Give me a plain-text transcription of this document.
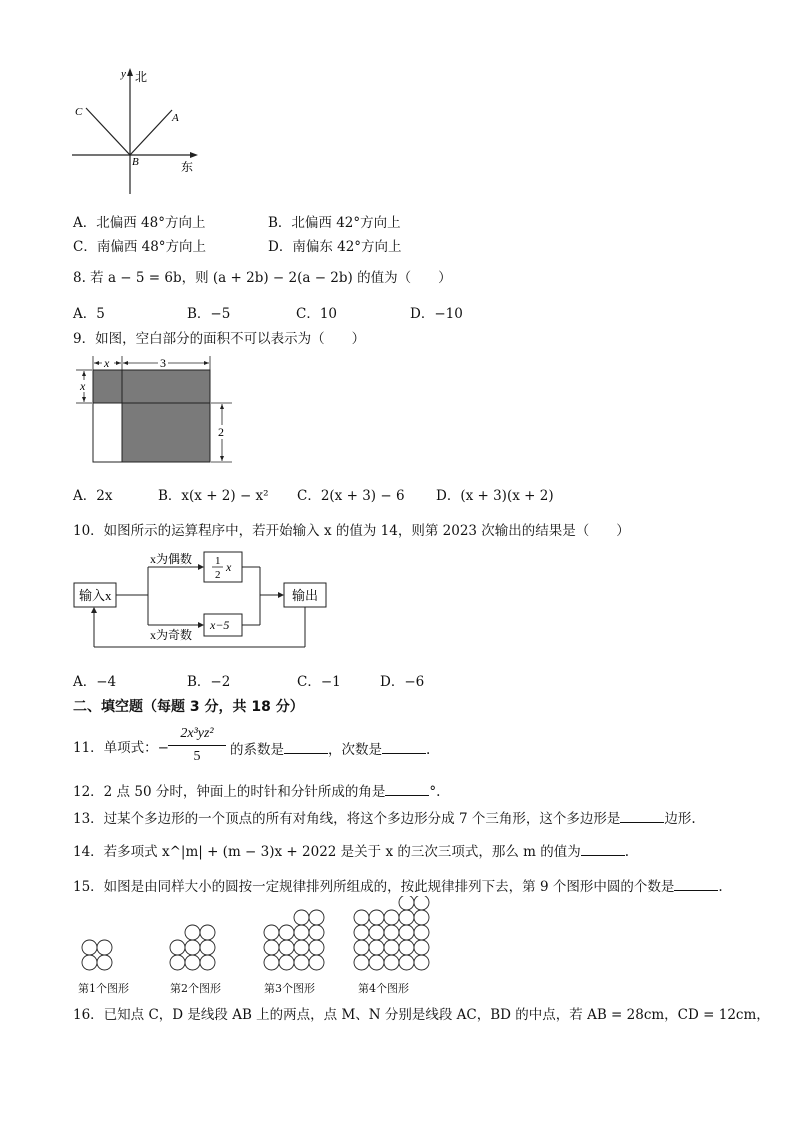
y 北
东
A
B
C
A．北偏西 48°方向上	B．北偏西 42°方向上
C．南偏西 48°方向上	D．南偏东 42°方向上
8. 若 a − 5 = 6b，则 (a + 2b) − 2(a − 2b) 的值为（　　）
A．5	B．−5	C．10	D．−10
9．如图，空白部分的面积不可以表示为（　　）
x	3
x
2
A．2x	B．x(x + 2) − x² C．2(x + 3) − 6 D．(x + 3)(x + 2)
10．如图所示的运算程序中，若开始输入 x 的值为 14，则第 2023 次输出的结果是（　　）
输入x
x为偶数
x为奇数
1
2
x
x−5
输出
A．−4	B．−2	C．−1	D．−6
二、填空题（每题 3 分，共 18 分）
11．单项式：−
2x³yz²
5	的系数是	，次数是	.
12．2 点 50 分时，钟面上的时针和分针所成的角是	°.
13．过某个多边形的一个顶点的所有对角线，将这个多边形分成 7 个三角形，这个多边形是	边形.
14．若多项式 x^|m| + (m − 3)x + 2022 是关于 x 的三次三项式，那么 m 的值为	.
15．如图是由同样大小的圆按一定规律排列所组成的，按此规律排列下去，第 9 个图形中圆的个数是	.
第1个图形	第2个图形	第3个图形	第4个图形
16．已知点 C，D 是线段 AB 上的两点，点 M、N 分别是线段 AC，BD 的中点，若 AB = 28cm，CD = 12cm，
